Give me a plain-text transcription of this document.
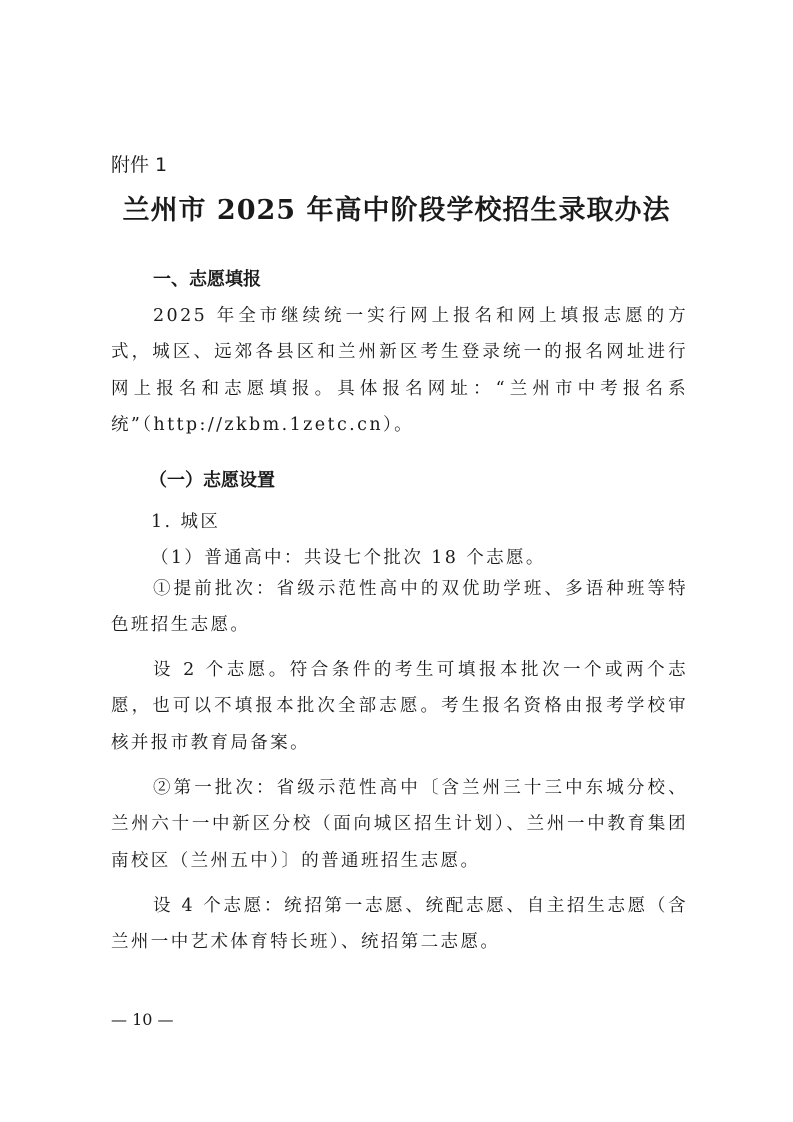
附件 1
兰州市 2025 年高中阶段学校招生录取办法
一、志愿填报

2025 年全市继续统一实行网上报名和网上填报志愿的方式，城区、远郊各县区和兰州新区考生登录统一的报名网址进行网上报名和志愿填报。具体报名网址：“兰州市中考报名系统”（http://zkbm.1zetc.cn）。

（一）志愿设置
1. 城区
（1）普通高中：共设七个批次 18 个志愿。

①提前批次：省级示范性高中的双优助学班、多语种班等特色班招生志愿。

设 2 个志愿。符合条件的考生可填报本批次一个或两个志愿，也可以不填报本批次全部志愿。考生报名资格由报考学校审核并报市教育局备案。

②第一批次：省级示范性高中〔含兰州三十三中东城分校、兰州六十一中新区分校（面向城区招生计划）、兰州一中教育集团南校区（兰州五中）〕的普通班招生志愿。

设 4 个志愿：统招第一志愿、统配志愿、自主招生志愿（含兰州一中艺术体育特长班）、统招第二志愿。

— 10 —
